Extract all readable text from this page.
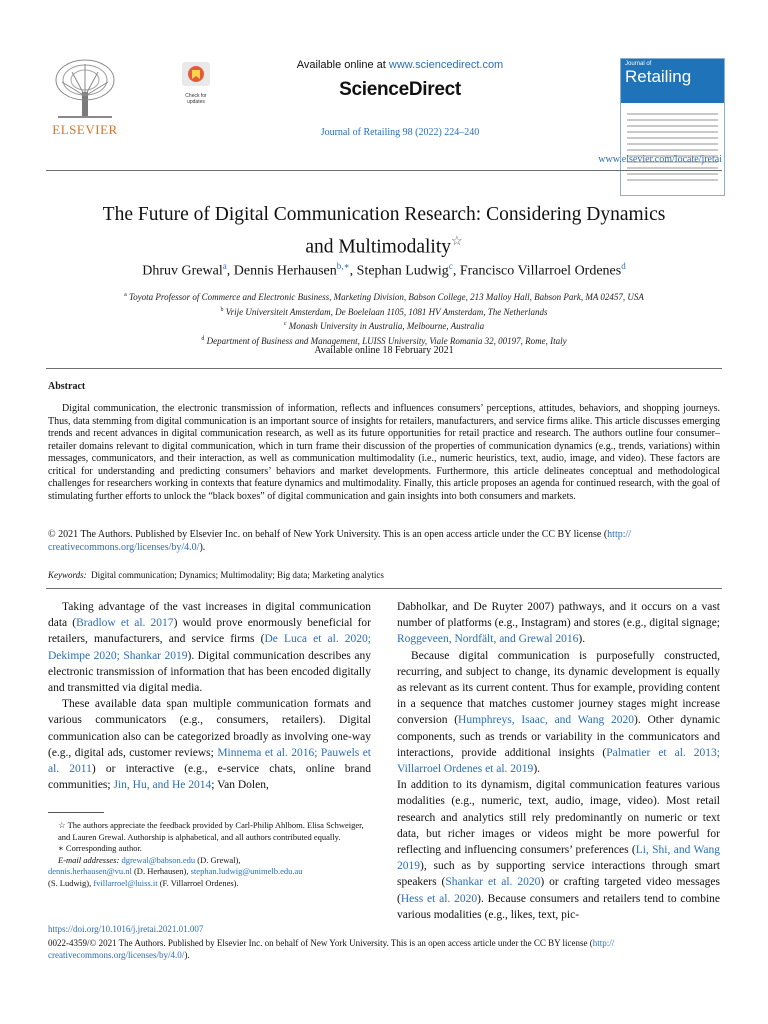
ELSEVIER
Check for updates
Available online at www.sciencedirect.com
ScienceDirect
Journal of Retailing 98 (2022) 224–240
Journal of
Retailing
www.elsevier.com/locate/jretai
The Future of Digital Communication Research: Considering Dynamics
and Multimodality☆
Dhruv Grewal$^a$, Dennis Herhausen$^{b,∗}$, Stephan Ludwig$^c$, Francisco Villarroel Ordenes$^d$
$^a$ Toyota Professor of Commerce and Electronic Business, Marketing Division, Babson College, 213 Malloy Hall, Babson Park, MA 02457, USA
$^b$ Vrije Universiteit Amsterdam, De Boelelaan 1105, 1081 HV Amsterdam, The Netherlands
$^c$ Monash University in Australia, Melbourne, Australia
$^d$ Department of Business and Management, LUISS University, Viale Romania 32, 00197, Rome, Italy
Available online 18 February 2021
Abstract
Digital communication, the electronic transmission of information, reflects and influences consumers’ perceptions, attitudes, behaviors, and shopping journeys. Thus, data stemming from digital communication is an important source of insights for retailers, manufacturers, and service firms alike. This article discusses emerging trends and recent advances in digital communication research, as well as its future opportunities for retail practice and research. The authors outline four consumer–retailer domains relevant to digital communication, which in turn frame their discussion of the properties of communication dynamics (e.g., trends, variations) within messages, communicators, and their interaction, as well as communication multimodality (i.e., numeric heuristics, text, audio, image, and video). These factors are critical for understanding and predicting consumers’ behaviors and market developments. Furthermore, this article delineates conceptual and methodological challenges for researchers working in contexts that feature dynamics and multimodality. Finally, this article proposes an agenda for continued research, with the goal of stimulating further efforts to unlock the “black boxes” of digital communication and gain insights into both consumers and markets.
© 2021 The Authors. Published by Elsevier Inc. on behalf of New York University. This is an open access article under the CC BY license (http://
creativecommons.org/licenses/by/4.0/).
Keywords: Digital communication; Dynamics; Multimodality; Big data; Marketing analytics

Taking advantage of the vast increases in digital communication data (Bradlow et al. 2017) would prove enormously beneficial for retailers, manufacturers, and service firms (De Luca et al. 2020; Dekimpe 2020; Shankar 2019). Digital communication describes any electronic transmission of information that has been encoded digitally and transmitted via digital media.

These available data span multiple communication formats and various communicators (e.g., consumers, retailers). Digital communication also can be categorized broadly as involving one-way (e.g., digital ads, customer reviews; Minnema et al. 2016; Pauwels et al. 2011) or interactive (e.g., e-service chats, online brand communities; Jin, Hu, and He 2014; Van Dolen,

Dabholkar, and De Ruyter 2007) pathways, and it occurs on a vast number of platforms (e.g., Instagram) and stores (e.g., digital signage; Roggeveen, Nordfält, and Grewal 2016).

Because digital communication is purposefully constructed, recurring, and subject to change, its dynamic development is equally as relevant as its current content. Thus for example, providing content in a sequence that matches customer journey stages might increase conversion (Humphreys, Isaac, and Wang 2020). Other dynamic components, such as trends or variability in the communicators and interactions, provide additional insights (Palmatier et al. 2013; Villarroel Ordenes et al. 2019).

In addition to its dynamism, digital communication features various modalities (e.g., numeric, text, audio, image, video). Most retail research and analytics still rely predominantly on numeric or text data, but richer images or videos might be more powerful for reflecting and influencing consumers’ preferences (Li, Shi, and Wang 2019), such as by supporting service interactions through smart speakers (Shankar et al. 2020) or crafting targeted video messages (Hess et al. 2020). Because consumers and retailers tend to combine various modalities (e.g., likes, text, pic-

☆ The authors appreciate the feedback provided by Carl-Philip Ahlbom. Elisa Schweiger, and Lauren Grewal. Authorship is alphabetical, and all authors contributed equally.
∗ Corresponding author.
E-mail addresses: dgrewal@babson.edu (D. Grewal),
dennis.herhausen@vu.nl (D. Herhausen), stephan.ludwig@unimelb.edu.au
(S. Ludwig), fvillarroel@luiss.it (F. Villarroel Ordenes).
https://doi.org/10.1016/j.jretai.2021.01.007
0022-4359/© 2021 The Authors. Published by Elsevier Inc. on behalf of New York University. This is an open access article under the CC BY license (http://
creativecommons.org/licenses/by/4.0/).
